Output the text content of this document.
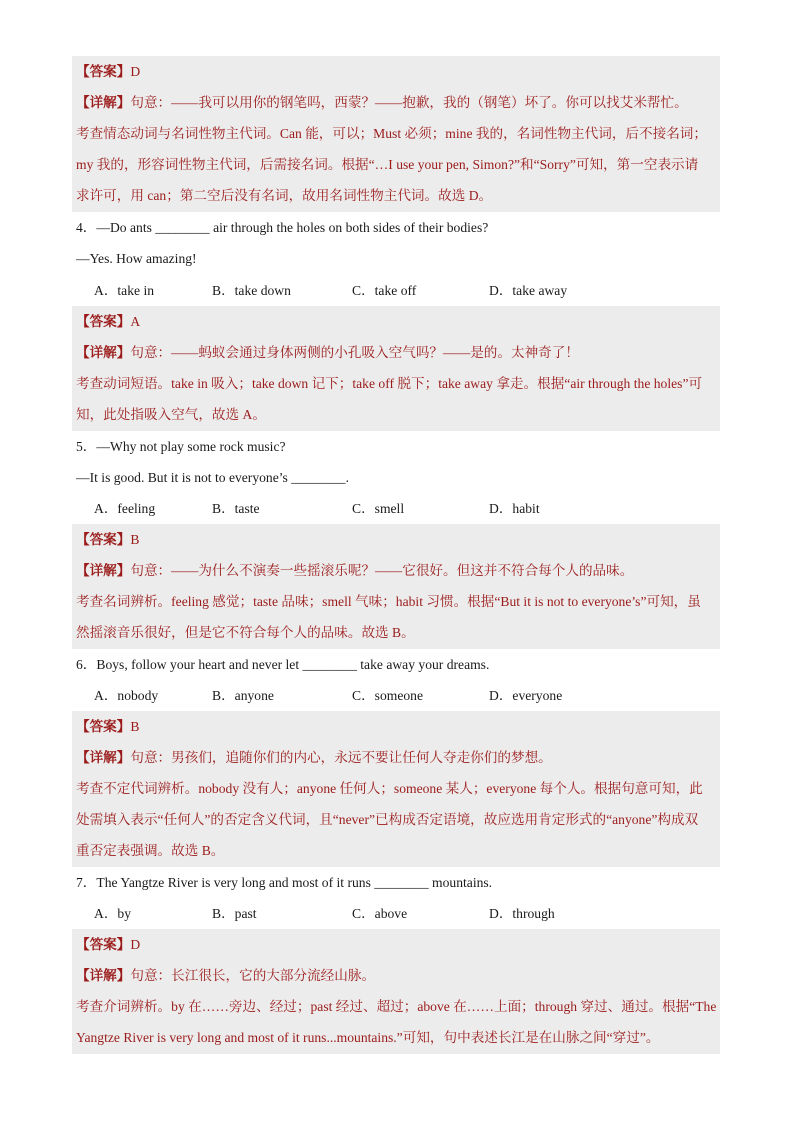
【答案】D
【详解】句意：——我可以用你的钢笔吗，西蒙？——抱歉，我的（钢笔）坏了。你可以找艾米帮忙。
考查情态动词与名词性物主代词。Can 能，可以；Must 必须；mine 我的，名词性物主代词，后不接名词；
my 我的，形容词性物主代词，后需接名词。根据“…I use your pen, Simon?”和“Sorry”可知，第一空表示请
求许可，用 can；第二空后没有名词，故用名词性物主代词。故选 D。
4．—Do ants ________ air through the holes on both sides of their bodies?
—Yes. How amazing!
A．take in	B．take down	C．take off	D．take away
【答案】A
【详解】句意：——蚂蚁会通过身体两侧的小孔吸入空气吗？——是的。太神奇了！
考查动词短语。take in 吸入；take down 记下；take off 脱下；take away 拿走。根据“air through the holes”可
知，此处指吸入空气，故选 A。
5．—Why not play some rock music?
—It is good. But it is not to everyone’s ________.
A．feeling	B．taste	C．smell	D．habit
【答案】B
【详解】句意：——为什么不演奏一些摇滚乐呢？——它很好。但这并不符合每个人的品味。
考查名词辨析。feeling 感觉；taste 品味；smell 气味；habit 习惯。根据“But it is not to everyone’s”可知，虽
然摇滚音乐很好，但是它不符合每个人的品味。故选 B。
6．Boys, follow your heart and never let ________ take away your dreams.
A．nobody	B．anyone	C．someone	D．everyone
【答案】B
【详解】句意：男孩们，追随你们的内心，永远不要让任何人夺走你们的梦想。
考查不定代词辨析。nobody 没有人；anyone 任何人；someone 某人；everyone 每个人。根据句意可知，此
处需填入表示“任何人”的否定含义代词，且“never”已构成否定语境，故应选用肯定形式的“anyone”构成双
重否定表强调。故选 B。
7．The Yangtze River is very long and most of it runs ________ mountains.
A．by	B．past	C．above	D．through
【答案】D
【详解】句意：长江很长，它的大部分流经山脉。
考查介词辨析。by 在……旁边、经过；past 经过、超过；above 在……上面；through 穿过、通过。根据“The
Yangtze River is very long and most of it runs...mountains.”可知，句中表述长江是在山脉之间“穿过”。
